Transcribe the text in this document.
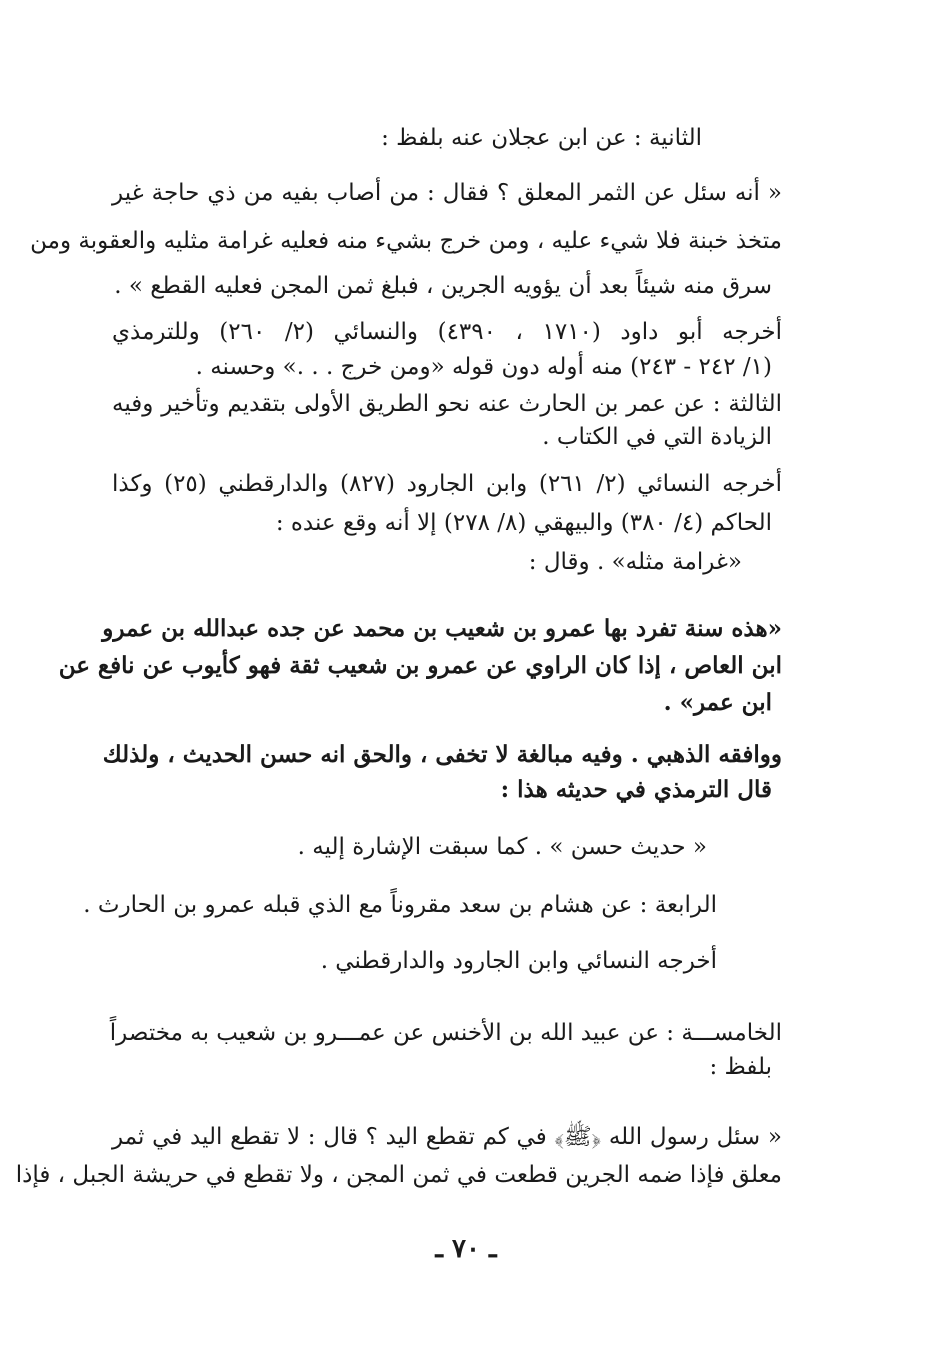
الثانية : عن ابن عجلان عنه بلفظ :
« أنه سئل عن الثمر المعلق ؟ فقال : من أصاب بفيه من ذي حاجة غير
متخذ خبنة فلا شيء عليه ، ومن خرج بشيء منه فعليه غرامة مثليه والعقوبة ومن
سرق منه شيئاً بعد أن يؤويه الجرين ، فبلغ ثمن المجن فعليه القطع » .
أخرجه أبو داود (١٧١٠ ، ٤٣٩٠) والنسائي (٢/ ٢٦٠) وللترمذي
(١/ ٢٤٢ - ٢٤٣) منه أوله دون قوله «ومن خرج . . .» وحسنه .
الثالثة : عن عمر بن الحارث عنه نحو الطريق الأولى بتقديم وتأخير وفيه
الزيادة التي في الكتاب .
أخرجه النسائي (٢/ ٢٦١) وابن الجارود (٨٢٧) والدارقطني (٢٥) وكذا
الحاكم (٤/ ٣٨٠) والبيهقي (٨/ ٢٧٨) إلا أنه وقع عنده :
«غرامة مثله» . وقال :
«هذه سنة تفرد بها عمرو بن شعيب بن محمد عن جده عبدالله بن عمرو
ابن العاص ، إذا كان الراوي عن عمرو بن شعيب ثقة فهو كأيوب عن نافع عن
ابن عمر» .
ووافقه الذهبي . وفيه مبالغة لا تخفى ، والحق انه حسن الحديث ، ولذلك
قال الترمذي في حديثه هذا :
« حديث حسن » . كما سبقت الإشارة إليه .
الرابعة : عن هشام بن سعد مقروناً مع الذي قبله عمرو بن الحارث .
أخرجه النسائي وابن الجارود والدارقطني .
الخامســـة : عن عبيد الله بن الأخنس عن عمـــرو بن شعيب به مختصراً
بلفظ :
« سئل رسول الله ﴿ﷺ﴾ في كم تقطع اليد ؟ قال : لا تقطع اليد في ثمر
معلق فإذا ضمه الجرين قطعت في ثمن المجن ، ولا تقطع في حريشة الجبل ، فإذا
ـ ٧٠ ـ
